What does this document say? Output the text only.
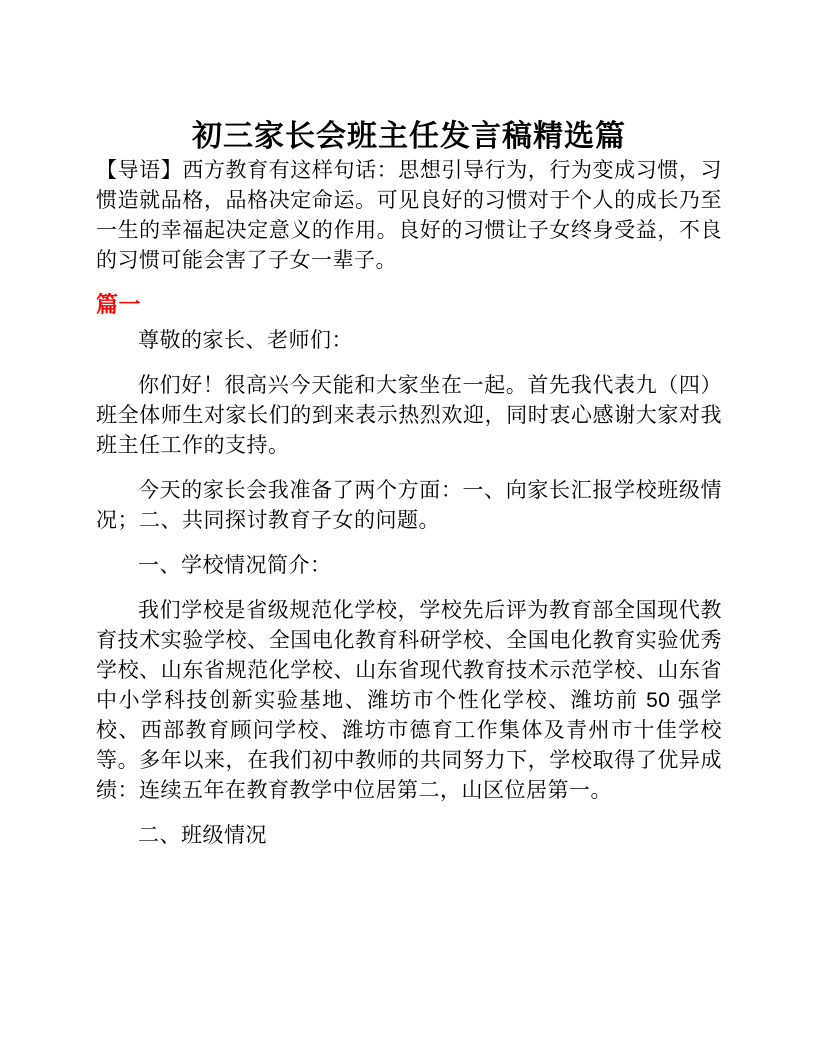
初三家长会班主任发言稿精选篇

【导语】西方教育有这样句话：思想引导行为，行为变成习惯，习惯造就品格，品格决定命运。可见良好的习惯对于个人的成长乃至一生的幸福起决定意义的作用。良好的习惯让子女终身受益，不良的习惯可能会害了子女一辈子。

篇一

尊敬的家长、老师们：

你们好！很高兴今天能和大家坐在一起。首先我代表九（四）班全体师生对家长们的到来表示热烈欢迎，同时衷心感谢大家对我班主任工作的支持。

今天的家长会我准备了两个方面：一、向家长汇报学校班级情况；二、共同探讨教育子女的问题。

一、学校情况简介：

我们学校是省级规范化学校，学校先后评为教育部全国现代教育技术实验学校、全国电化教育科研学校、全国电化教育实验优秀学校、山东省规范化学校、山东省现代教育技术示范学校、山东省中小学科技创新实验基地、潍坊市个性化学校、潍坊前 50 强学校、西部教育顾问学校、潍坊市德育工作集体及青州市十佳学校等。多年以来，在我们初中教师的共同努力下，学校取得了优异成绩：连续五年在教育教学中位居第二，山区位居第一。

二、班级情况
